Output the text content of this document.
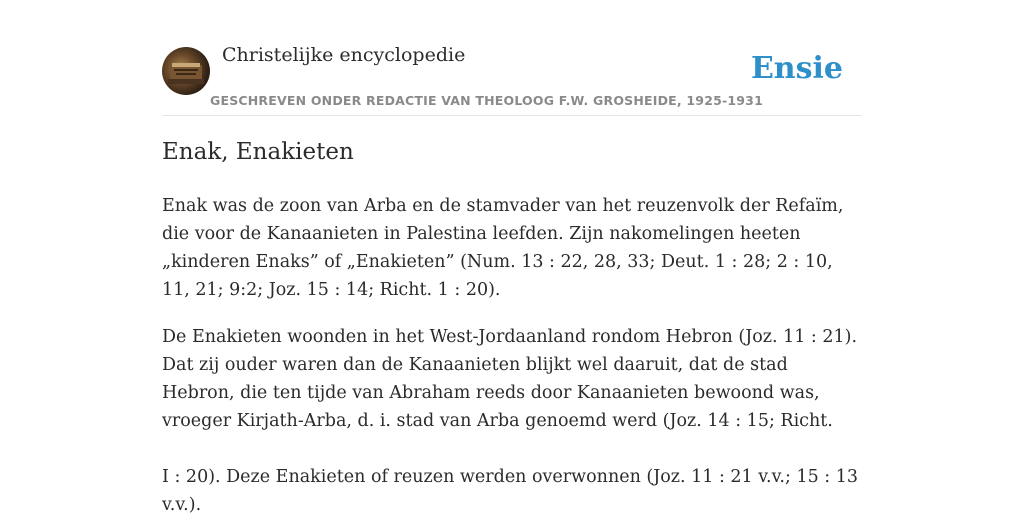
Christelijke encyclopedie
GESCHREVEN ONDER REDACTIE VAN THEOLOOG F.W. GROSHEIDE, 1925-1931
Ensie
Enak, Enakieten

Enak was de zoon van Arba en de stamvader van het reuzenvolk der Refaïm, die voor de Kanaanieten in Palestina leefden. Zijn nakomelingen heeten „kinderen Enaks” of „Enakieten” (Num. 13 : 22, 28, 33; Deut. 1 : 28; 2 : 10, 11, 21; 9:2; Joz. 15 : 14; Richt. 1 : 20).

De Enakieten woonden in het West-Jordaanland rondom Hebron (Joz. 11 : 21). Dat zij ouder waren dan de Kanaanieten blijkt wel daaruit, dat de stad Hebron, die ten tijde van Abraham reeds door Kanaanieten bewoond was, vroeger Kirjath-Arba, d. i. stad van Arba genoemd werd (Joz. 14 : 15; Richt.

I : 20). Deze Enakieten of reuzen werden overwonnen (Joz. 11 : 21 v.v.; 15 : 13 v.v.).
